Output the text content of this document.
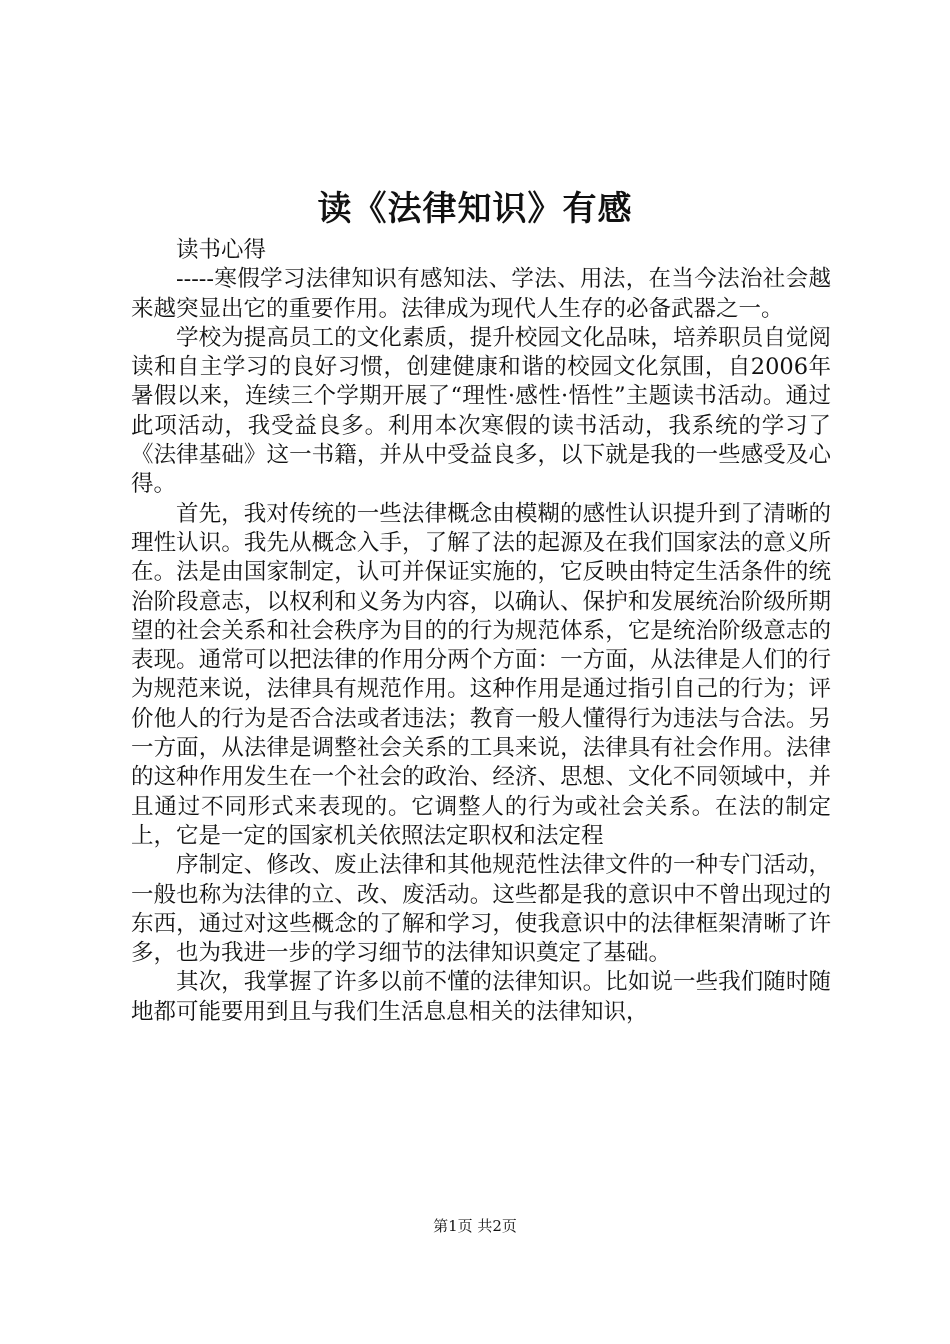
读《法律知识》有感

读书心得

-----寒假学习法律知识有感知法、学法、用法，在当今法治社会越来越突显出它的重要作用。法律成为现代人生存的必备武器之一。

学校为提高员工的文化素质，提升校园文化品味，培养职员自觉阅读和自主学习的良好习惯，创建健康和谐的校园文化氛围，自2006年暑假以来，连续三个学期开展了“理性·感性·悟性”主题读书活动。通过此项活动，我受益良多。利用本次寒假的读书活动，我系统的学习了《法律基础》这一书籍，并从中受益良多，以下就是我的一些感受及心得。

首先，我对传统的一些法律概念由模糊的感性认识提升到了清晰的理性认识。我先从概念入手，了解了法的起源及在我们国家法的意义所在。法是由国家制定，认可并保证实施的，它反映由特定生活条件的统治阶段意志，以权利和义务为内容，以确认、保护和发展统治阶级所期望的社会关系和社会秩序为目的的行为规范体系，它是统治阶级意志的表现。通常可以把法律的作用分两个方面：一方面，从法律是人们的行为规范来说，法律具有规范作用。这种作用是通过指引自己的行为；评价他人的行为是否合法或者违法；教育一般人懂得行为违法与合法。另一方面，从法律是调整社会关系的工具来说，法律具有社会作用。法律的这种作用发生在一个社会的政治、经济、思想、文化不同领域中，并且通过不同形式来表现的。它调整人的行为或社会关系。在法的制定上，它是一定的国家机关依照法定职权和法定程

序制定、修改、废止法律和其他规范性法律文件的一种专门活动，一般也称为法律的立、改、废活动。这些都是我的意识中不曾出现过的东西，通过对这些概念的了解和学习，使我意识中的法律框架清晰了许多，也为我进一步的学习细节的法律知识奠定了基础。

其次，我掌握了许多以前不懂的法律知识。比如说一些我们随时随地都可能要用到且与我们生活息息相关的法律知识，

第1页 共2页
